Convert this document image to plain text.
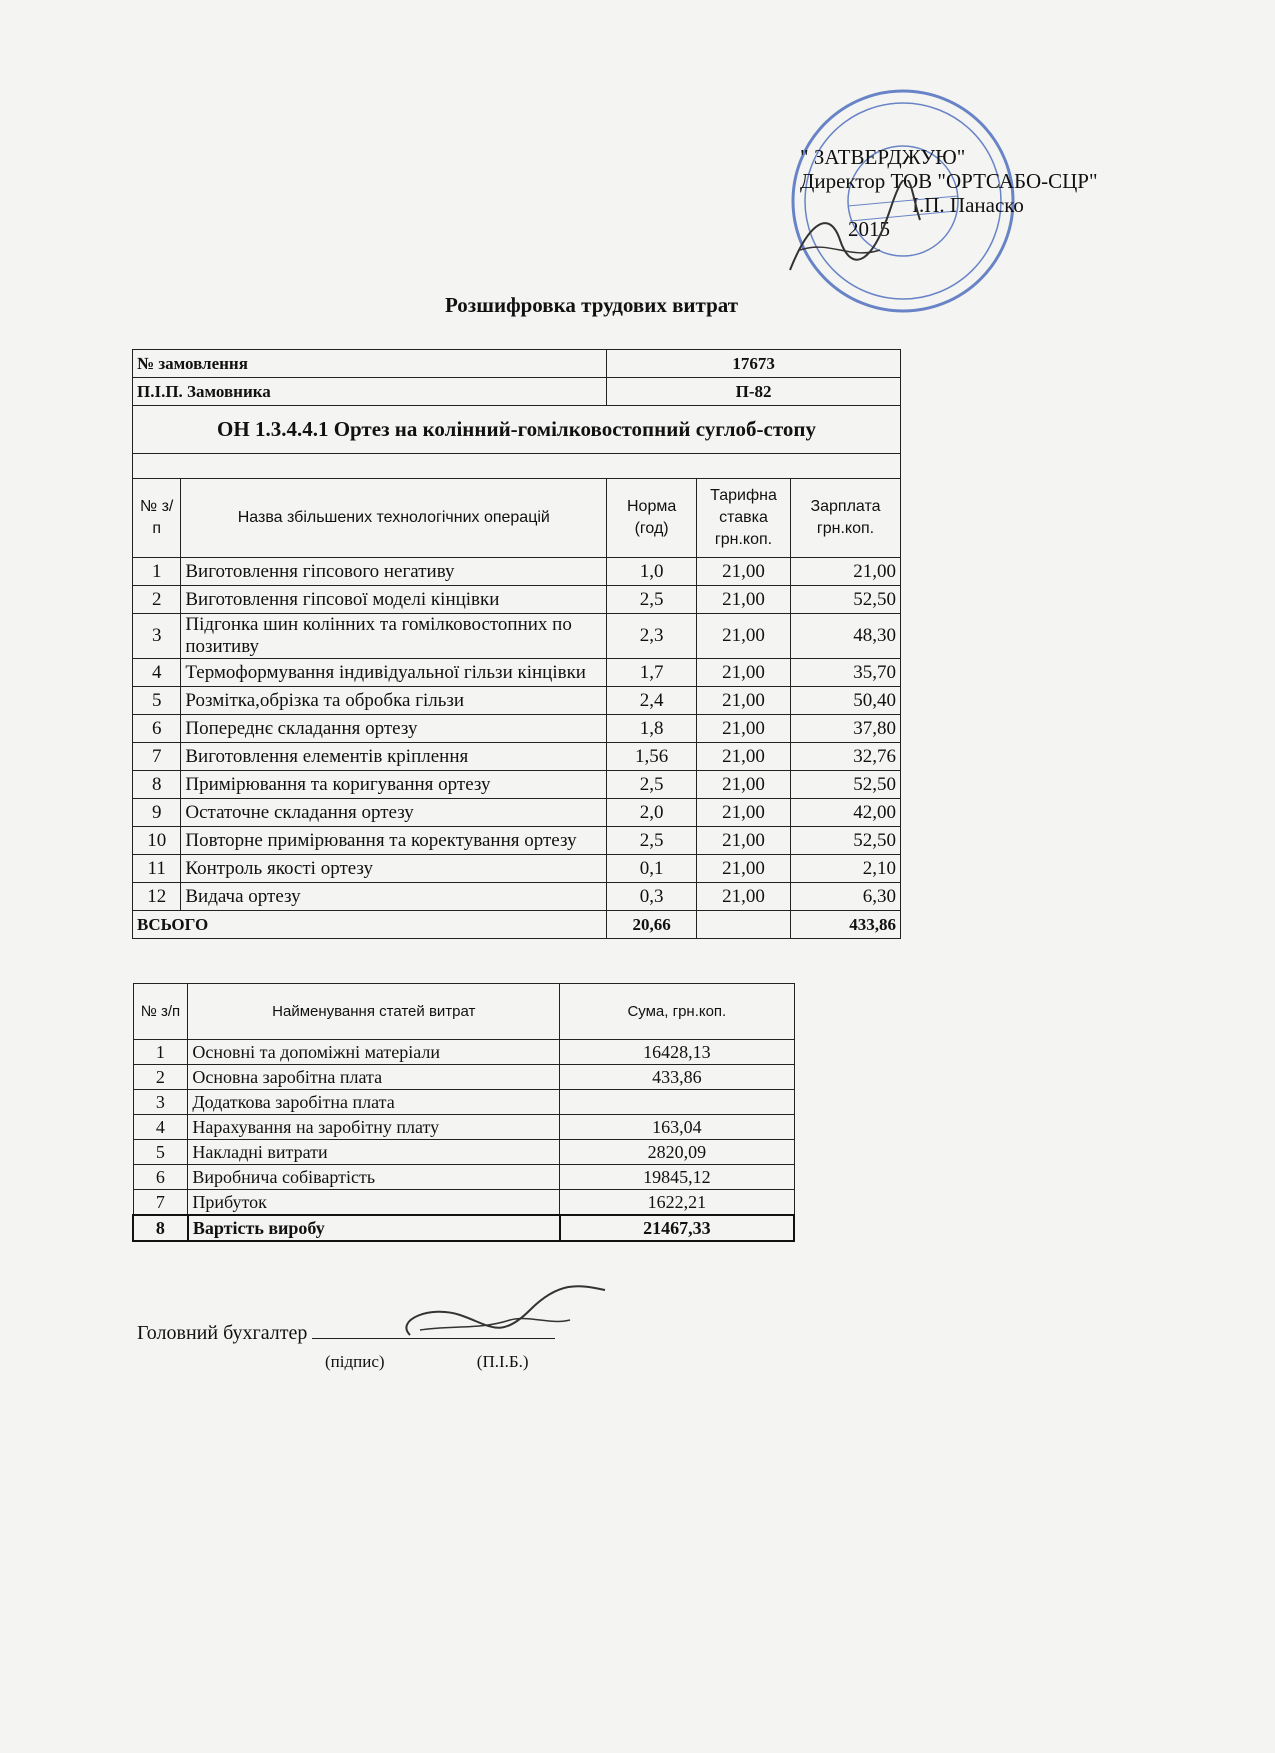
" ЗАТВЕРДЖУЮ"
Директор ТОВ "ОРТСАБО-СЦР"
І.П. Панаско
2015
Розшифровка трудових витрат
№ замовлення		17673		
П.І.П. Замовника		П-82		
ОН 1.3.4.4.1 Ортез на колінний-гомілковостопний суглоб-стопу				

№ з/п	Назва збільшених технологічних операцій	Норма (год)	Тарифна ставка грн.коп.	Зарплата грн.коп.
1	Виготовлення гіпсового негативу	1,0	21,00	21,00
2	Виготовлення гіпсової моделі кінцівки	2,5	21,00	52,50
3	Підгонка шин колінних та гомілковостопних по позитиву	2,3	21,00	48,30
4	Термоформування індивідуальної гільзи кінцівки	1,7	21,00	35,70
5	Розмітка,обрізка та обробка гільзи	2,4	21,00	50,40
6	Попереднє складання ортезу	1,8	21,00	37,80
7	Виготовлення елементів кріплення	1,56	21,00	32,76
8	Примірювання та коригування ортезу	2,5	21,00	52,50
9	Остаточне складання ортезу	2,0	21,00	42,00
10	Повторне примірювання та коректування ортезу	2,5	21,00	52,50
11	Контроль якості ортезу	0,1	21,00	2,10
12	Видача ортезу	0,3	21,00	6,30
ВСЬОГО		20,66		433,86
№ з/п	Найменування статей витрат	Сума, грн.коп.
1	Основні та допоміжні матеріали	16428,13
2	Основна заробітна плата	433,86
3	Додаткова заробітна плата	
4	Нарахування на заробітну плату	163,04
5	Накладні витрати	2820,09
6	Виробнича собівартість	19845,12
7	Прибуток	1622,21
8	Вартість виробу	21467,33
Головний бухгалтер
(підпис)	(П.І.Б.)
